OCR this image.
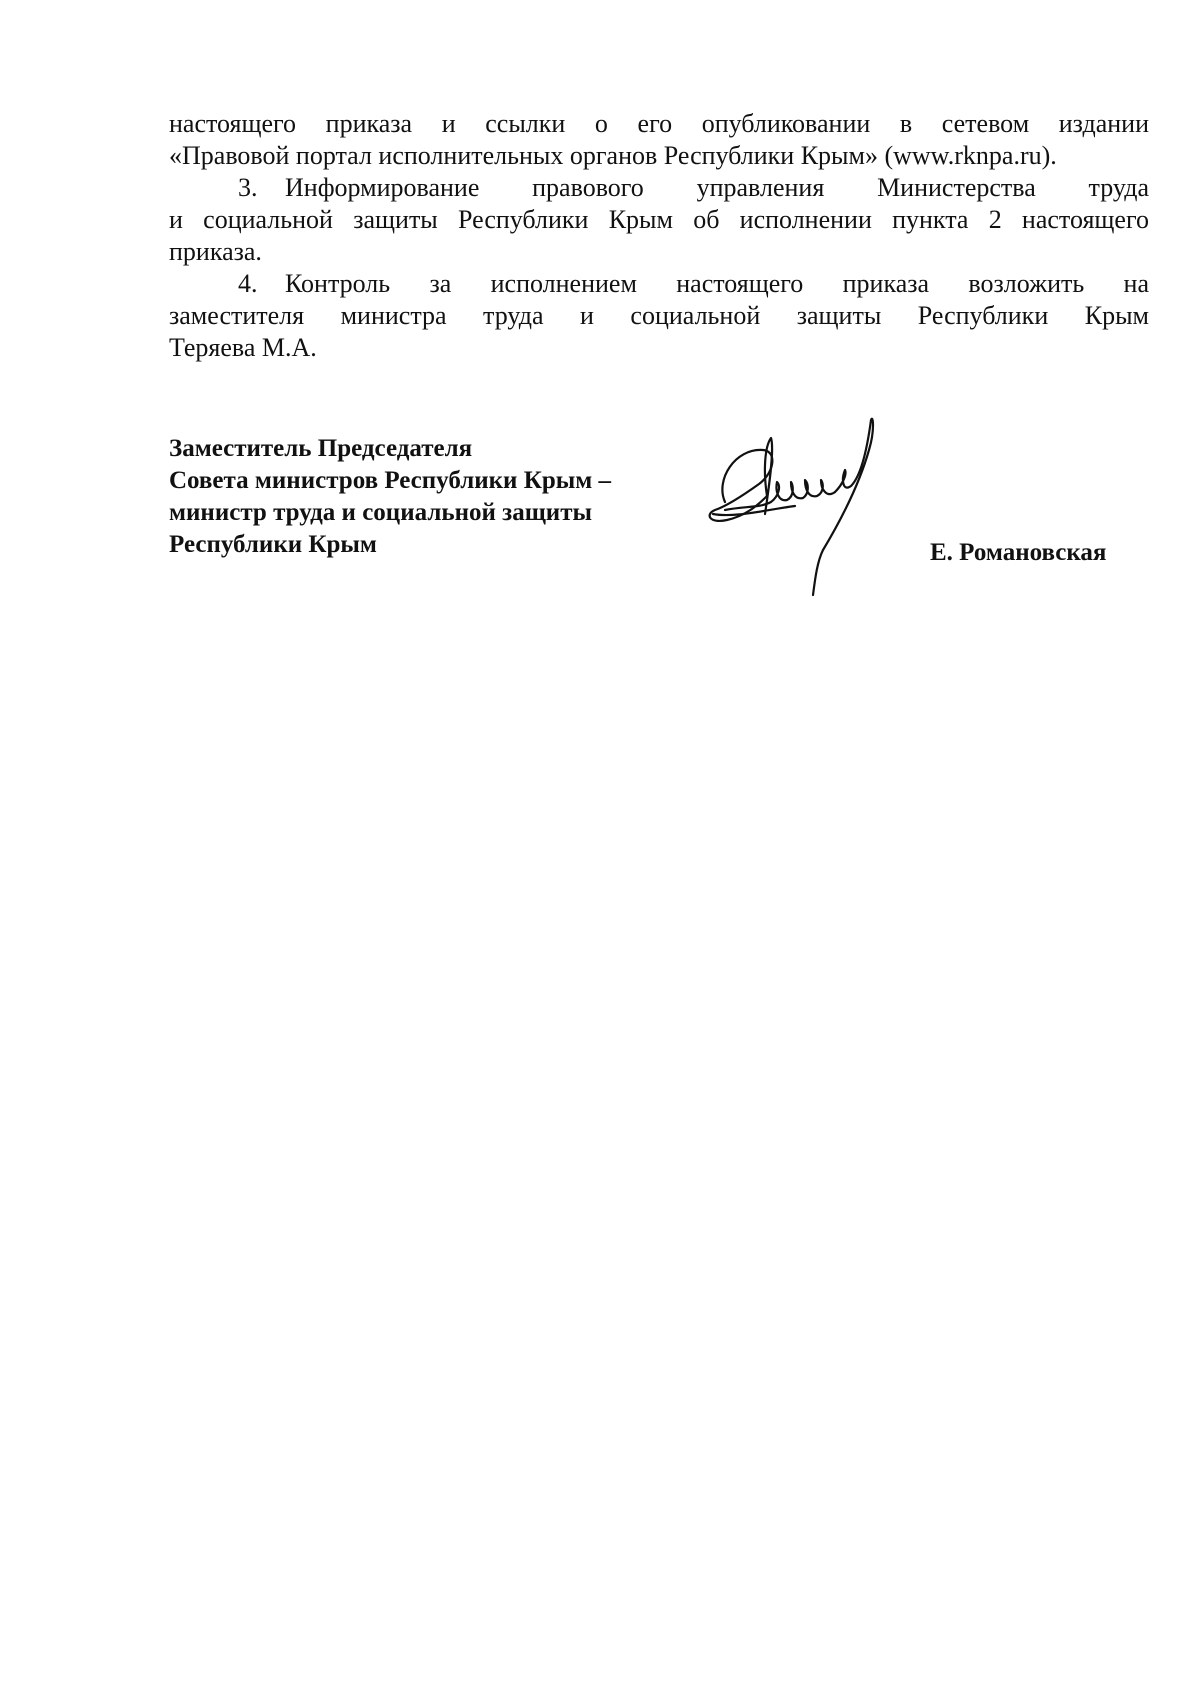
настоящего приказа и ссылки о его опубликовании в сетевом издании
«Правовой портал исполнительных органов Республики Крым» (www.rknpa.ru).
3. Информирование правового управления Министерства труда
и социальной защиты Республики Крым об исполнении пункта 2 настоящего
приказа.
4. Контроль за исполнением настоящего приказа возложить на
заместителя министра труда и социальной защиты Республики Крым
Теряева М.А.
Заместитель Председателя
Совета министров Республики Крым –
министр труда и социальной защиты
Республики Крым	Е. Романовская
